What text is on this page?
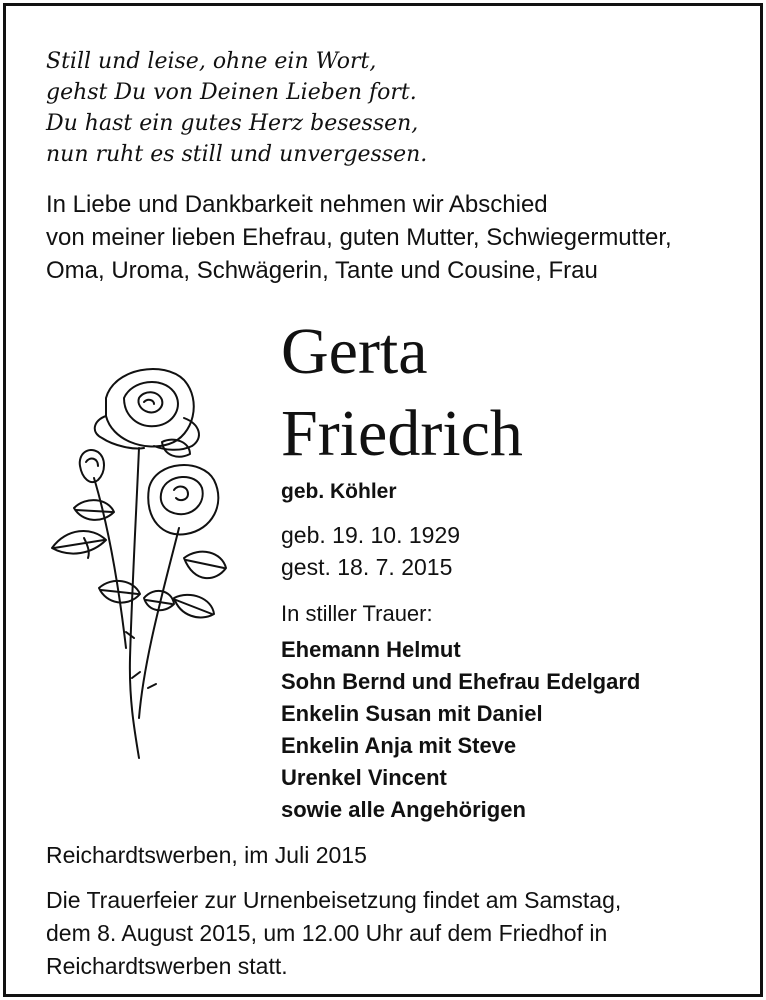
Still und leise, ohne ein Wort,
gehst Du von Deinen Lieben fort.
Du hast ein gutes Herz besessen,
nun ruht es still und unvergessen.
In Liebe und Dankbarkeit nehmen wir Abschied
von meiner lieben Ehefrau, guten Mutter, Schwiegermutter,
Oma, Uroma, Schwägerin, Tante und Cousine, Frau
Gerta
Friedrich
geb. Köhler
geb. 19. 10. 1929
gest. 18. 7. 2015
In stiller Trauer:
Ehemann Helmut
Sohn Bernd und Ehefrau Edelgard
Enkelin Susan mit Daniel
Enkelin Anja mit Steve
Urenkel Vincent
sowie alle Angehörigen
Reichardtswerben, im Juli 2015
Die Trauerfeier zur Urnenbeisetzung findet am Samstag,
dem 8. August 2015, um 12.00 Uhr auf dem Friedhof in
Reichardtswerben statt.
